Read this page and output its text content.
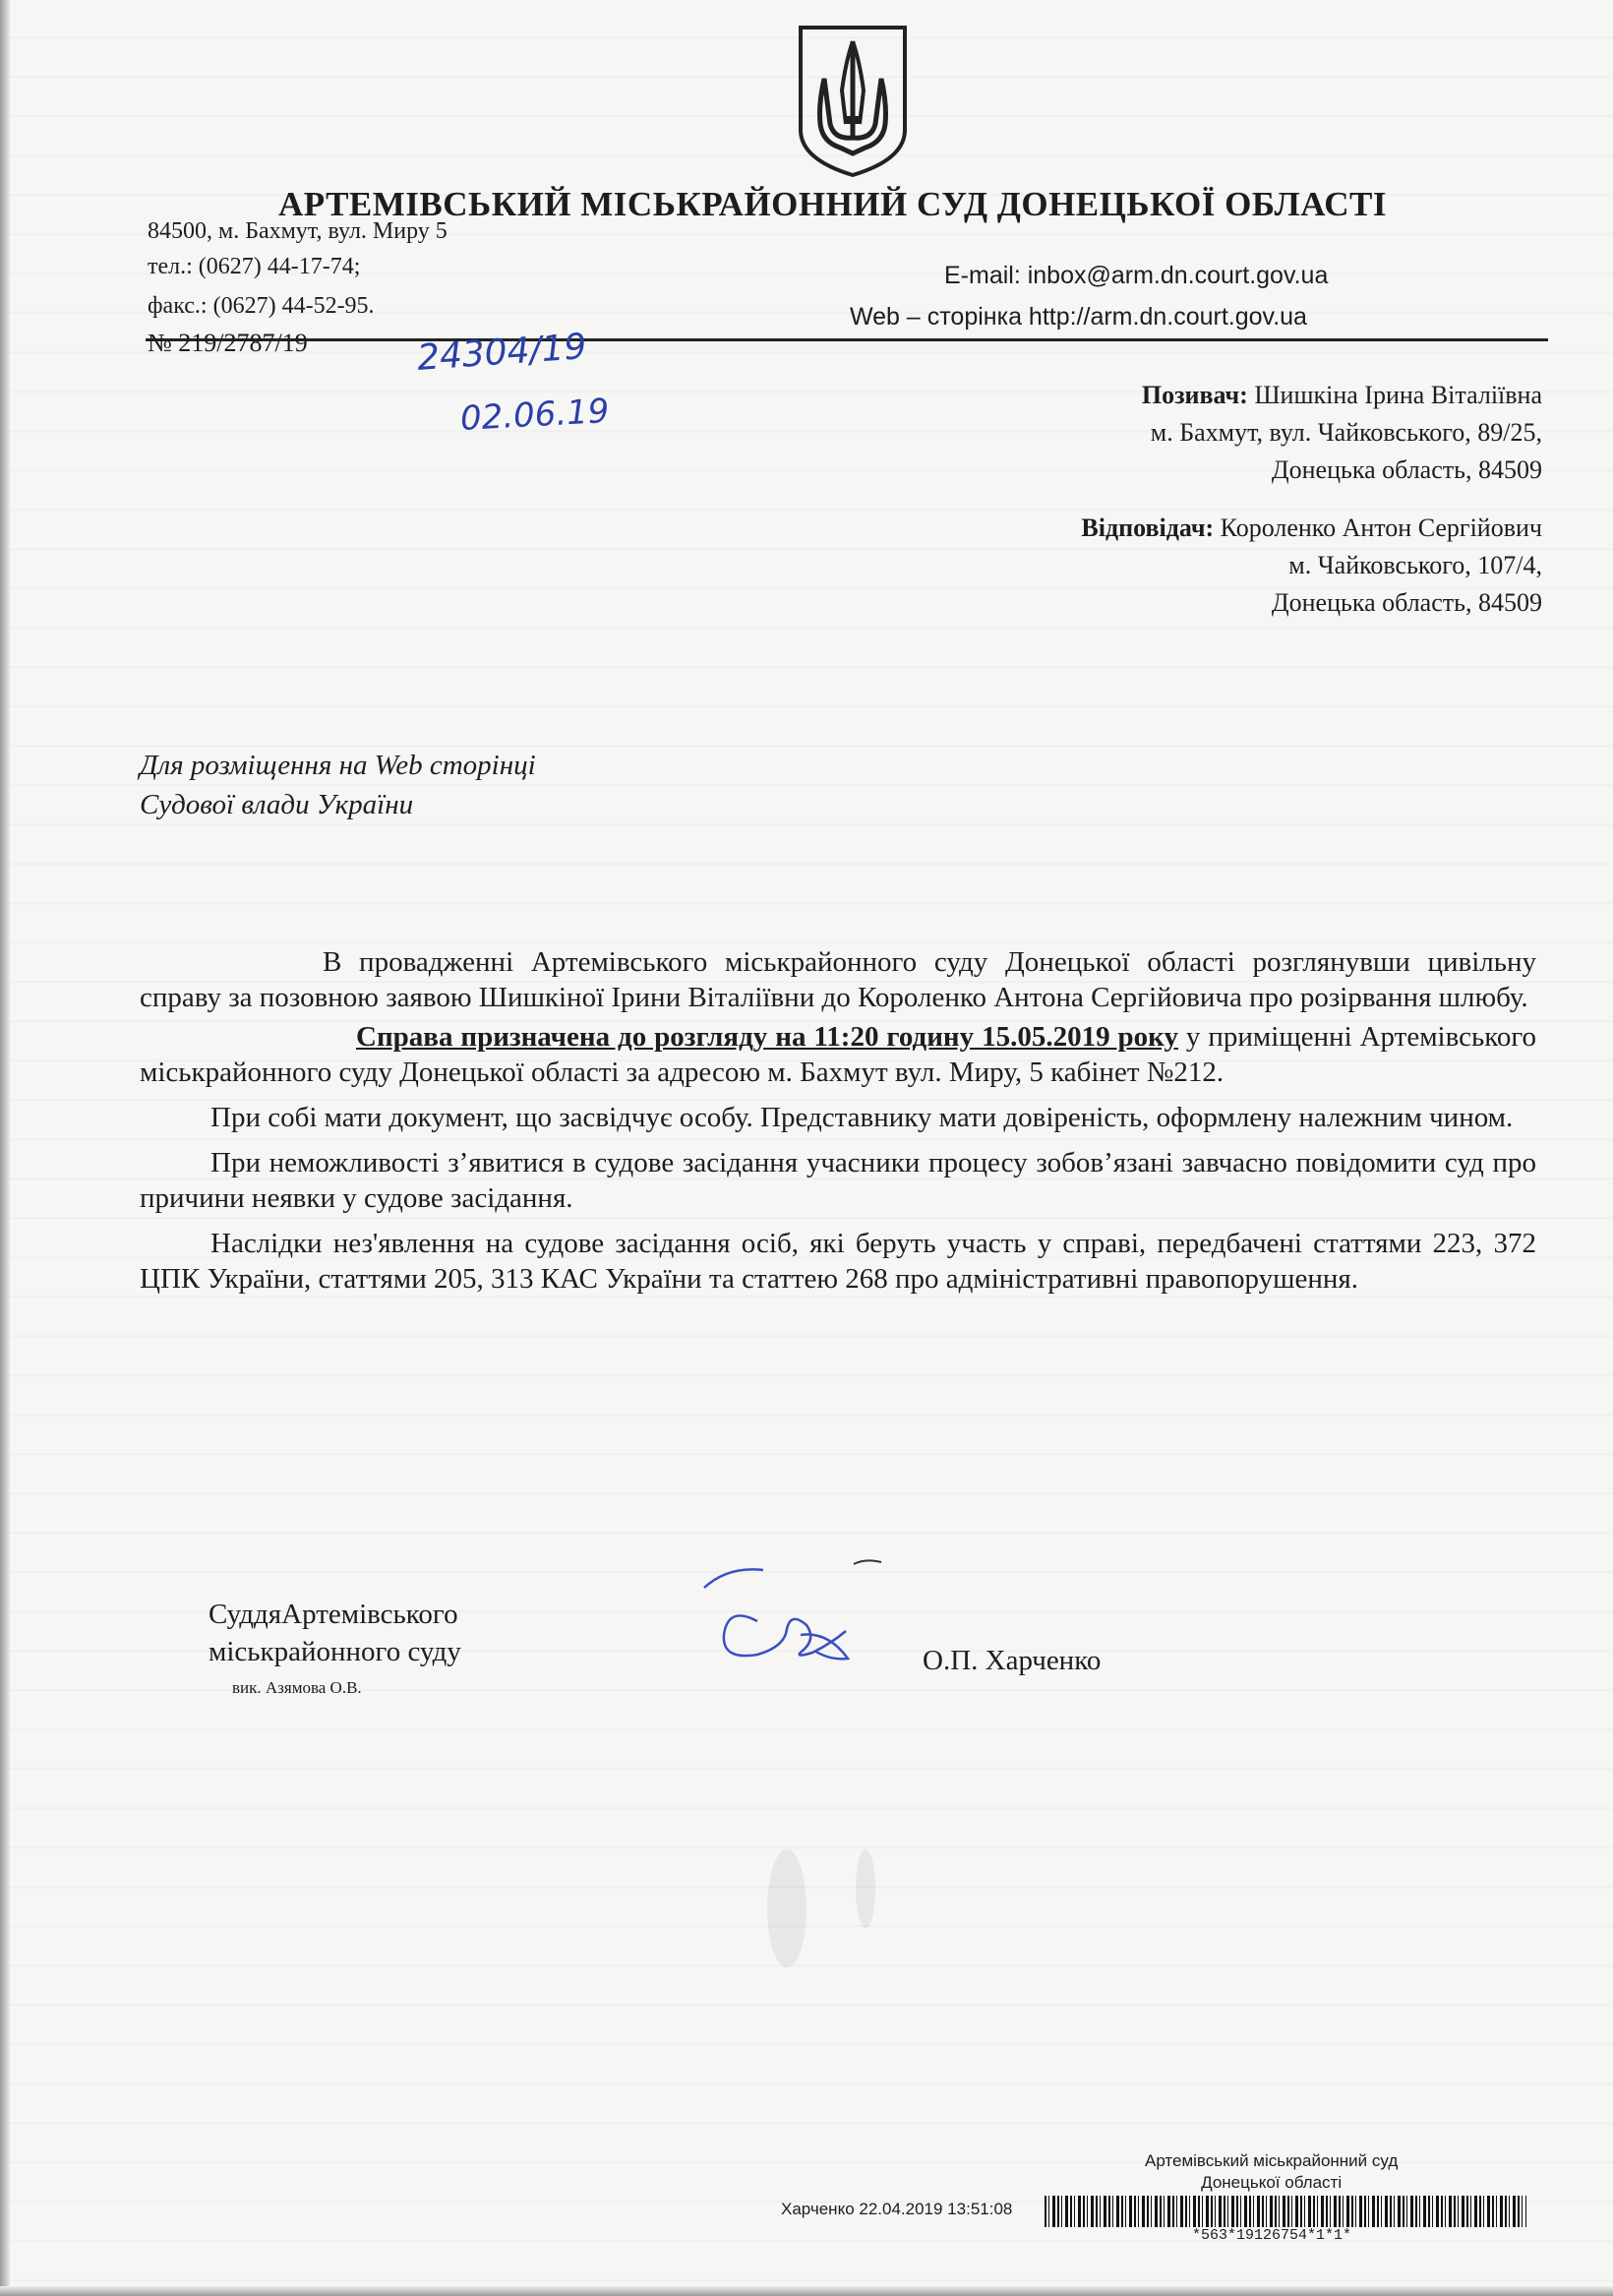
АРТЕМІВСЬКИЙ МІСЬКРАЙОННИЙ СУД ДОНЕЦЬКОЇ ОБЛАСТІ
84500, м. Бахмут, вул. Миру 5
тел.: (0627) 44-17-74;
факс.: (0627) 44-52-95.
E-mail: inbox@arm.dn.court.gov.ua
Web – сторінка http://arm.dn.court.gov.ua
№ 219/2787/19	24304/19
02.06.19	Позивач: Шишкіна Ірина Віталіївна
м. Бахмут, вул. Чайковського, 89/25,
Донецька область, 84509
Відповідач: Короленко Антон Сергійович
м. Чайковського, 107/4,
Донецька область, 84509
Для розміщення на Web сторінці
Судової влади України

В провадженні Артемівського міськрайонного суду Донецької області розглянувши цивільну справу за позовною заявою Шишкіної Ірини Віталіївни до Короленко Антона Сергійовича про розірвання шлюбу.

Справа призначена до розгляду на 11:20 годину 15.05.2019 року у приміщенні Артемівського міськрайонного суду Донецької області за адресою м. Бахмут вул. Миру, 5 кабінет №212.

При собі мати документ, що засвідчує особу. Представнику мати довіреність, оформлену належним чином.

При неможливості з’явитися в судове засідання учасники процесу зобов’язані завчасно повідомити суд про причини неявки у судове засідання.

Наслідки нез'явлення на судове засідання осіб, які беруть участь у справі, передбачені статтями 223, 372 ЦПК України, статтями 205, 313 КАС України та статтею 268 про адміністративні правопорушення.

СуддяАртемівського
міськрайонного суду
вик. Азямова О.В.
О.П. Харченко
Артемівський міськрайонний суд
Донецької області
Харченко 22.04.2019 13:51:08
*563*19126754*1*1*
